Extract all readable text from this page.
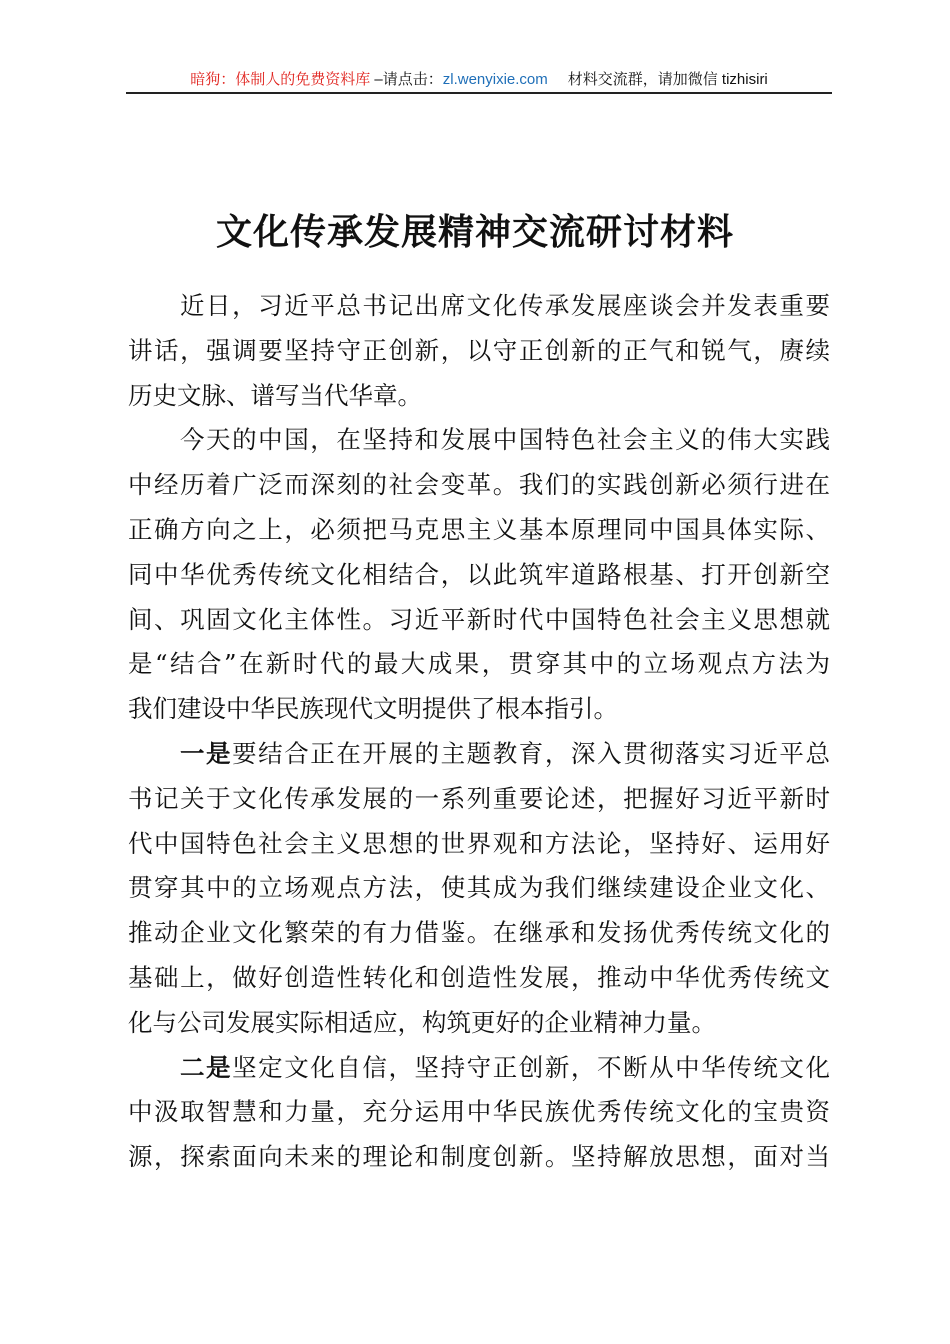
暗狗：体制人的免费资料库 –请点击：zl.wenyixie.com 材料交流群，请加微信 tizhisiri
文化传承发展精神交流研讨材料
近日，习近平总书记出席文化传承发展座谈会并发表重要
讲话，强调要坚持守正创新，以守正创新的正气和锐气，赓续
历史文脉、谱写当代华章。
今天的中国，在坚持和发展中国特色社会主义的伟大实践
中经历着广泛而深刻的社会变革。我们的实践创新必须行进在
正确方向之上，必须把马克思主义基本原理同中国具体实际、
同中华优秀传统文化相结合，以此筑牢道路根基、打开创新空
间、巩固文化主体性。习近平新时代中国特色社会主义思想就
是“结合”在新时代的最大成果，贯穿其中的立场观点方法为
我们建设中华民族现代文明提供了根本指引。
一是要结合正在开展的主题教育，深入贯彻落实习近平总
书记关于文化传承发展的一系列重要论述，把握好习近平新时
代中国特色社会主义思想的世界观和方法论，坚持好、运用好
贯穿其中的立场观点方法，使其成为我们继续建设企业文化、
推动企业文化繁荣的有力借鉴。在继承和发扬优秀传统文化的
基础上，做好创造性转化和创造性发展，推动中华优秀传统文
化与公司发展实际相适应，构筑更好的企业精神力量。
二是坚定文化自信，坚持守正创新，不断从中华传统文化
中汲取智慧和力量，充分运用中华民族优秀传统文化的宝贵资
源，探索面向未来的理论和制度创新。坚持解放思想，面对当
